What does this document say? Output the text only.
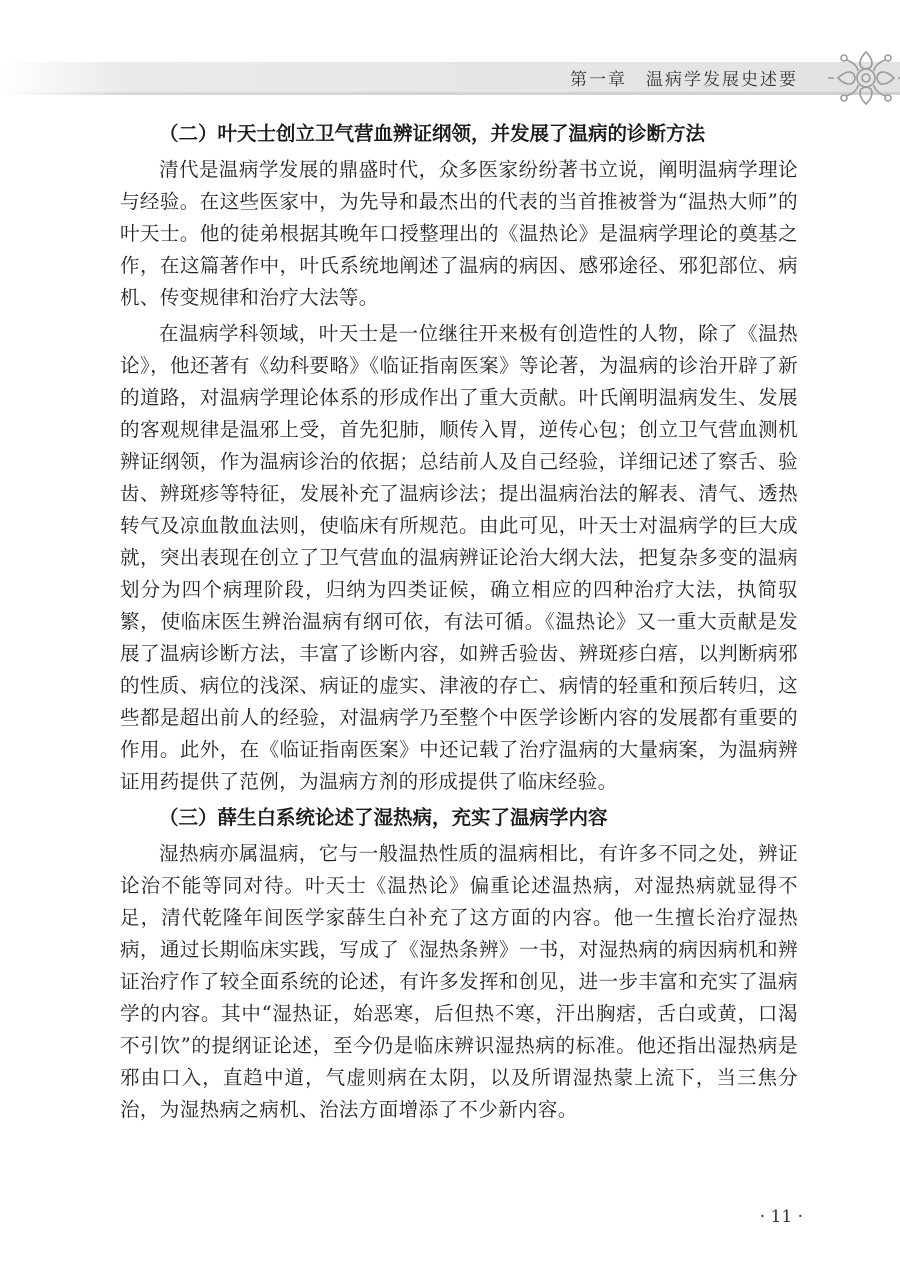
第一章　温病学发展史述要
（二）叶天士创立卫气营血辨证纲领，并发展了温病的诊断方法

清代是温病学发展的鼎盛时代，众多医家纷纷著书立说，阐明温病学理论与经验。在这些医家中，为先导和最杰出的代表的当首推被誉为“温热大师”的叶天士。他的徒弟根据其晚年口授整理出的《温热论》是温病学理论的奠基之作，在这篇著作中，叶氏系统地阐述了温病的病因、感邪途径、邪犯部位、病机、传变规律和治疗大法等。

在温病学科领域，叶天士是一位继往开来极有创造性的人物，除了《温热论》，他还著有《幼科要略》《临证指南医案》等论著，为温病的诊治开辟了新的道路，对温病学理论体系的形成作出了重大贡献。叶氏阐明温病发生、发展的客观规律是温邪上受，首先犯肺，顺传入胃，逆传心包；创立卫气营血测机辨证纲领，作为温病诊治的依据；总结前人及自己经验，详细记述了察舌、验齿、辨斑疹等特征，发展补充了温病诊法；提出温病治法的解表、清气、透热转气及凉血散血法则，使临床有所规范。由此可见，叶天士对温病学的巨大成就，突出表现在创立了卫气营血的温病辨证论治大纲大法，把复杂多变的温病划分为四个病理阶段，归纳为四类证候，确立相应的四种治疗大法，执简驭繁，使临床医生辨治温病有纲可依，有法可循。《温热论》又一重大贡献是发展了温病诊断方法，丰富了诊断内容，如辨舌验齿、辨斑疹白痦，以判断病邪的性质、病位的浅深、病证的虚实、津液的存亡、病情的轻重和预后转归，这些都是超出前人的经验，对温病学乃至整个中医学诊断内容的发展都有重要的作用。此外，在《临证指南医案》中还记载了治疗温病的大量病案，为温病辨证用药提供了范例，为温病方剂的形成提供了临床经验。

（三）薛生白系统论述了湿热病，充实了温病学内容

湿热病亦属温病，它与一般温热性质的温病相比，有许多不同之处，辨证论治不能等同对待。叶天士《温热论》偏重论述温热病，对湿热病就显得不足，清代乾隆年间医学家薛生白补充了这方面的内容。他一生擅长治疗湿热病，通过长期临床实践，写成了《湿热条辨》一书，对湿热病的病因病机和辨证治疗作了较全面系统的论述，有许多发挥和创见，进一步丰富和充实了温病学的内容。其中“湿热证，始恶寒，后但热不寒，汗出胸痞，舌白或黄，口渴不引饮”的提纲证论述，至今仍是临床辨识湿热病的标准。他还指出湿热病是邪由口入，直趋中道，气虚则病在太阴，以及所谓湿热蒙上流下，当三焦分治，为湿热病之病机、治法方面增添了不少新内容。

· 11 ·
